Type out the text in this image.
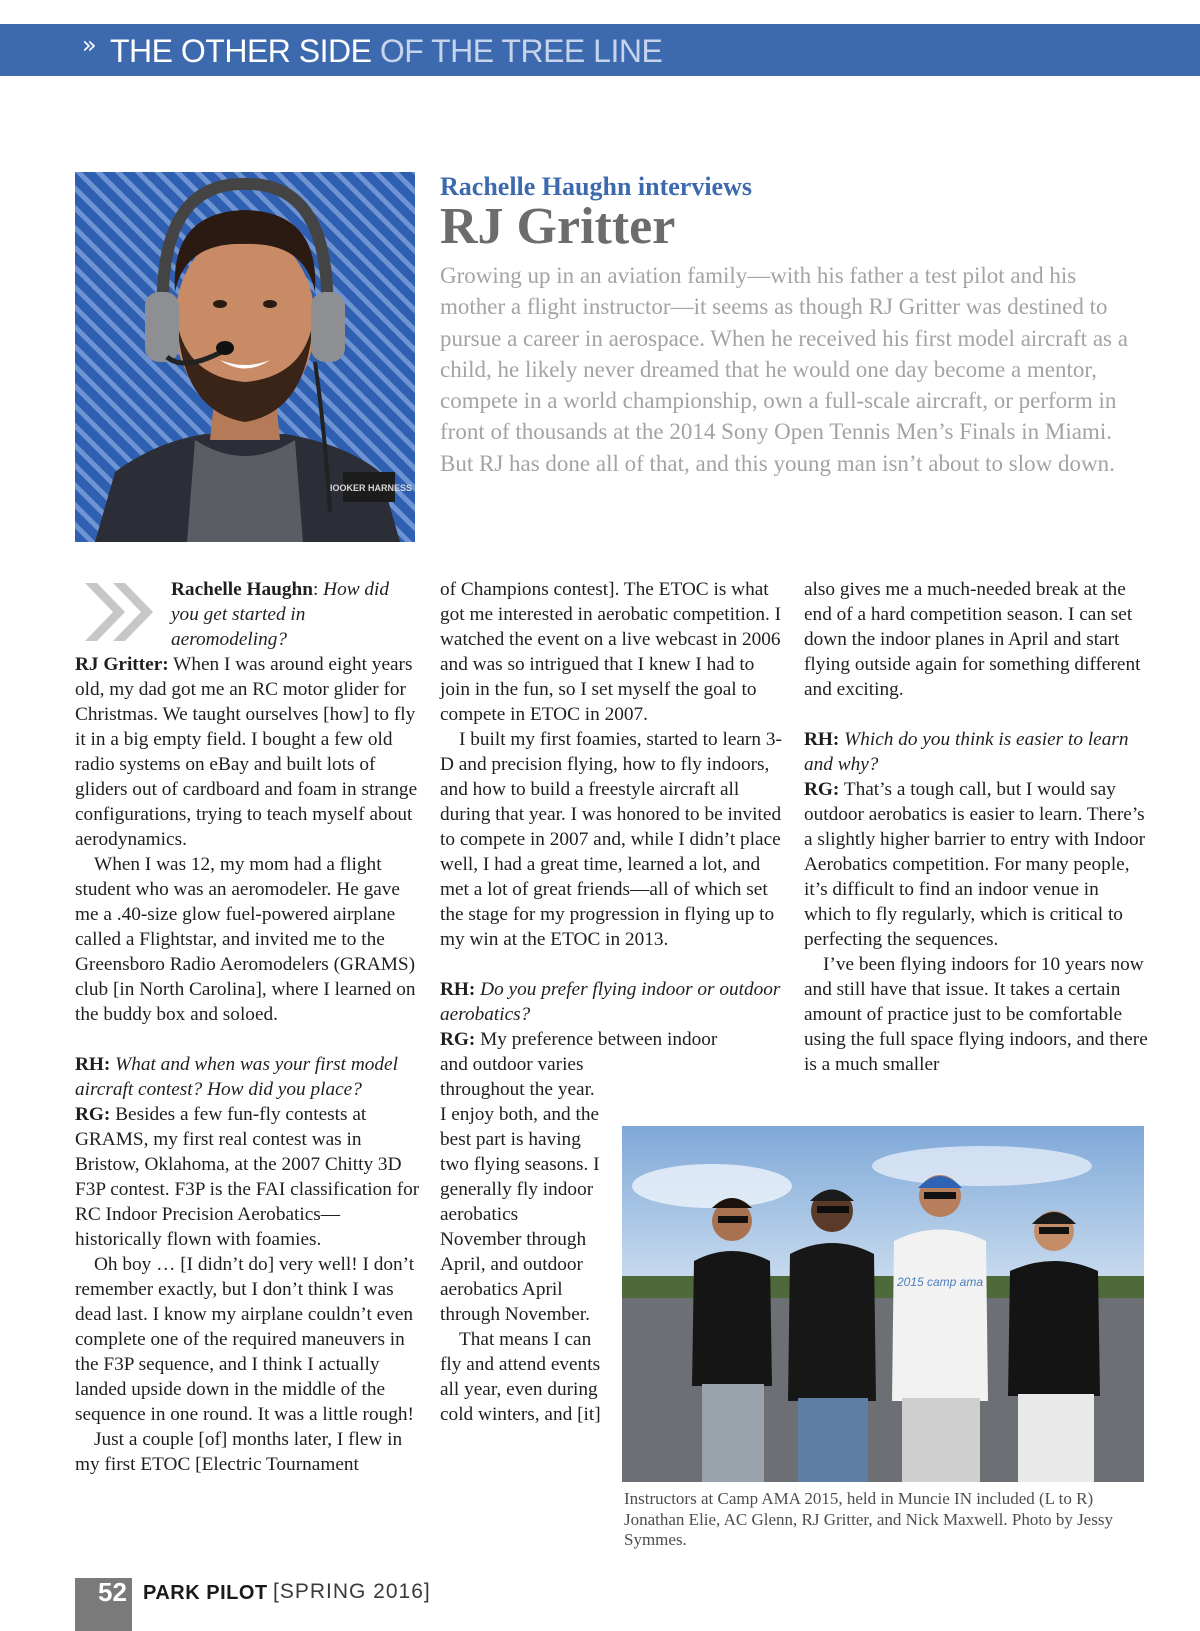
» THE OTHER SIDE OF THE TREE LINE
HOOKER HARNESS
Rachelle Haughn interviews
RJ Gritter
Growing up in an aviation family—with his father a test pilot and his mother a flight instructor—it seems as though RJ Gritter was destined to pursue a career in aerospace. When he received his first model aircraft as a child, he likely never dreamed that he would one day become a mentor, compete in a world championship, own a full-scale aircraft, or perform in front of thousands at the 2014 Sony Open Tennis Men’s Finals in Miami. But RJ has done all of that, and this young man isn’t about to slow down.

Rachelle Haughn: How did you get started in aeromodeling?
RJ Gritter: When I was around eight years old, my dad got me an RC motor glider for Christmas. We taught ourselves [how] to fly it in a big empty field. I bought a few old radio systems on eBay and built lots of gliders out of cardboard and foam in strange configurations, trying to teach myself about aerodynamics.

When I was 12, my mom had a flight student who was an aeromodeler. He gave me a .40-size glow fuel-powered airplane called a Flightstar, and invited me to the Greensboro Radio Aeromodelers (GRAMS) club [in North Carolina], where I learned on the buddy box and soloed.

RH: What and when was your first model aircraft contest? How did you place?

RG: Besides a few fun-fly contests at GRAMS, my first real contest was in Bristow, Oklahoma, at the 2007 Chitty 3D F3P contest. F3P is the FAI classification for RC Indoor Precision Aerobatics—historically flown with foamies.

Oh boy … [I didn’t do] very well! I don’t remember exactly, but I don’t think I was dead last. I know my airplane couldn’t even complete one of the required maneuvers in the F3P sequence, and I think I actually landed upside down in the middle of the sequence in one round. It was a little rough!

Just a couple [of] months later, I flew in my first ETOC [Electric Tournament

of Champions contest]. The ETOC is what got me interested in aerobatic competition. I watched the event on a live webcast in 2006 and was so intrigued that I knew I had to join in the fun, so I set myself the goal to compete in ETOC in 2007.

I built my first foamies, started to learn 3-D and precision flying, how to fly indoors, and how to build a freestyle aircraft all during that year. I was honored to be invited to compete in 2007 and, while I didn’t place well, I had a great time, learned a lot, and met a lot of great friends—all of which set the stage for my progression in flying up to my win at the ETOC in 2013.

RH: Do you prefer flying indoor or outdoor aerobatics?

RG: My preference between indoor

and outdoor varies throughout the year. I enjoy both, and the best part is having two flying seasons. I generally fly indoor aerobatics November through April, and outdoor aerobatics April through November.

That means I can fly and attend events all year, even during cold winters, and [it]

also gives me a much-needed break at the end of a hard competition season. I can set down the indoor planes in April and start flying outside again for something different and exciting.

RH: Which do you think is easier to learn and why?

RG: That’s a tough call, but I would say outdoor aerobatics is easier to learn. There’s a slightly higher barrier to entry with Indoor Aerobatics competition. For many people, it’s difficult to find an indoor venue in which to fly regularly, which is critical to perfecting the sequences.

I’ve been flying indoors for 10 years now and still have that issue. It takes a certain amount of practice just to be comfortable using the full space flying indoors, and there is a much smaller

2015 camp ama
Instructors at Camp AMA 2015, held in Muncie IN included (L to R) Jonathan Elie, AC Glenn, RJ Gritter, and Nick Maxwell. Photo by Jessy Symmes.
52 PARK PILOT [SPRING 2016]
